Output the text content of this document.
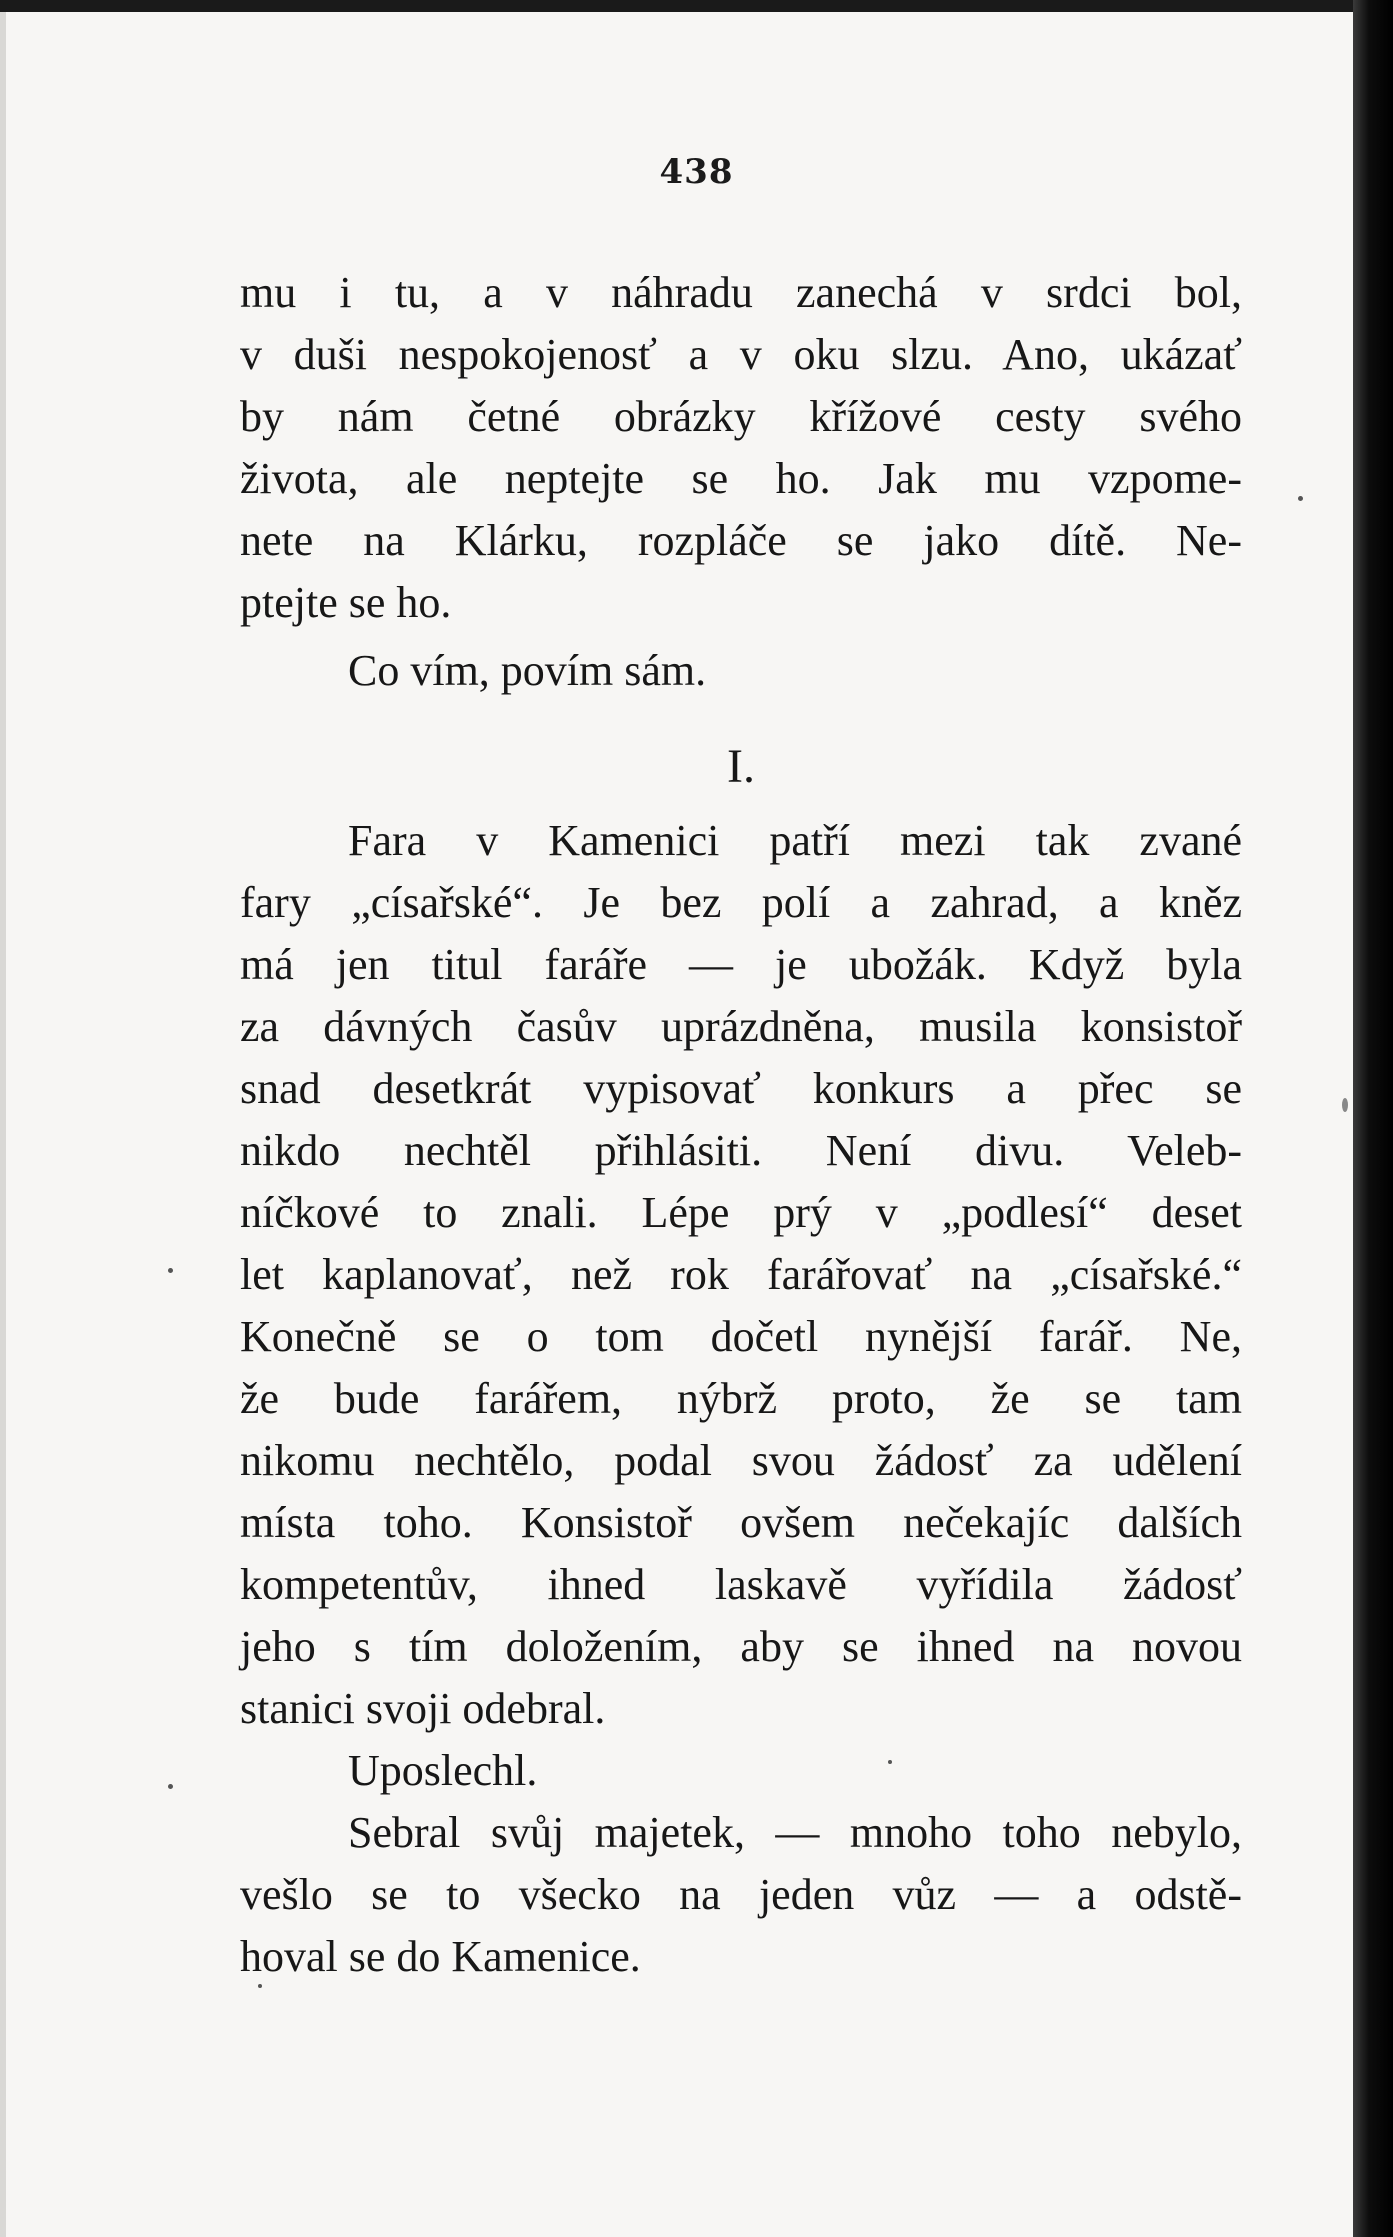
438
mu i tu, a v náhradu zanechá v srdci bol,
v duši nespokojenosť a v oku slzu. Ano, ukázať
by nám četné obrázky křížové cesty svého
života, ale neptejte se ho. Jak mu vzpome-
nete na Klárku, rozpláče se jako dítě. Ne-
ptejte se ho.
Co vím, povím sám.
I.
Fara v Kamenici patří mezi tak zvané
fary „císařské“. Je bez polí a zahrad, a kněz
má jen titul faráře — je ubožák. Když byla
za dávných časův uprázdněna, musila konsistoř
snad desetkrát vypisovať konkurs a přec se
nikdo nechtěl přihlásiti. Není divu. Veleb-
níčkové to znali. Lépe prý v „podlesí“ deset
let kaplanovať, než rok farářovať na „císařské.“
Konečně se o tom dočetl nynější farář. Ne,
že bude farářem, nýbrž proto, že se tam
nikomu nechtělo, podal svou žádosť za udělení
místa toho. Konsistoř ovšem nečekajíc dalších
kompetentův, ihned laskavě vyřídila žádosť
jeho s tím doložením, aby se ihned na novou
stanici svoji odebral.
Uposlechl.
Sebral svůj majetek, — mnoho toho nebylo,
vešlo se to všecko na jeden vůz — a odstě-
hoval se do Kamenice.
